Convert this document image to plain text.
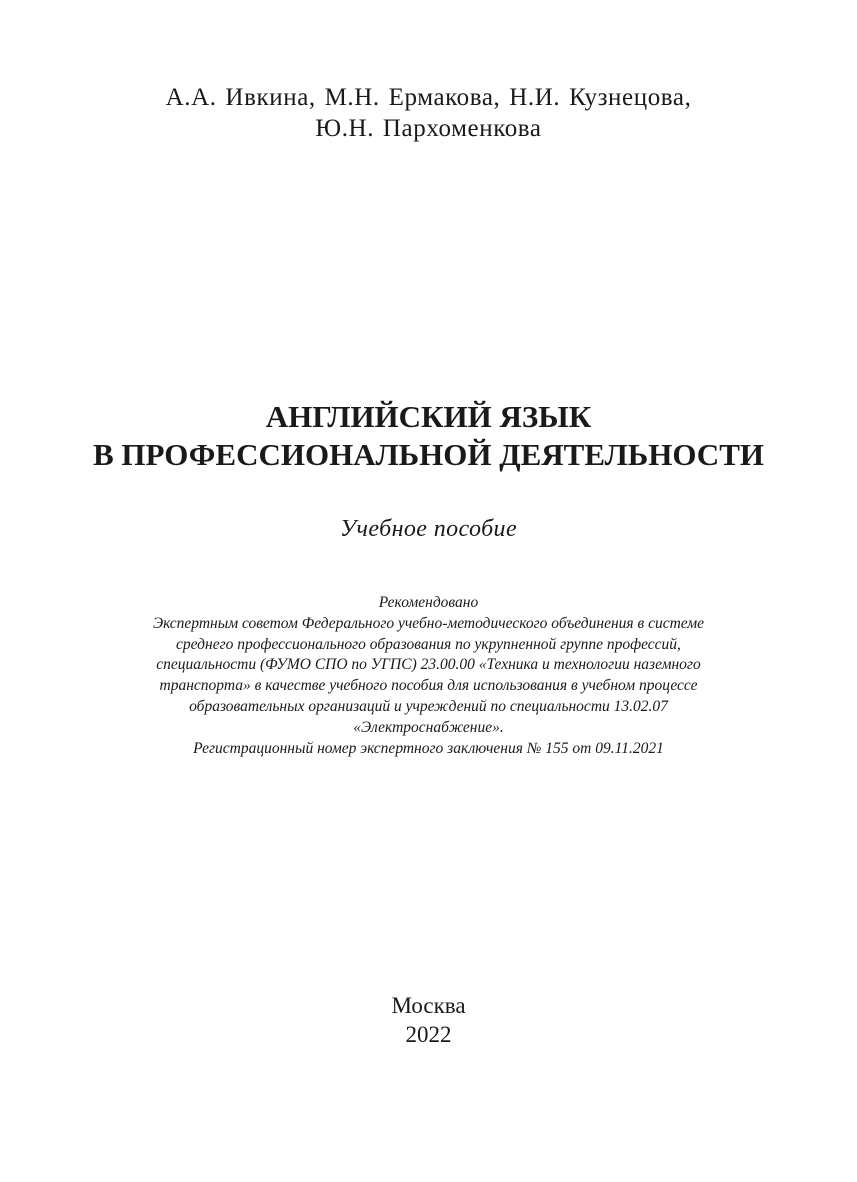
А.А. Ивкина, М.Н. Ермакова, Н.И. Кузнецова,
Ю.Н. Пархоменкова
АНГЛИЙСКИЙ ЯЗЫК
В ПРОФЕССИОНАЛЬНОЙ ДЕЯТЕЛЬНОСТИ
Учебное пособие
Рекомендовано
Экспертным советом Федерального учебно-методического объединения в системе
среднего профессионального образования по укрупненной группе профессий,
специальности (ФУМО СПО по УГПС) 23.00.00 «Техника и технологии наземного
транспорта» в качестве учебного пособия для использования в учебном процессе
образовательных организаций и учреждений по специальности 13.02.07
«Электроснабжение».
Регистрационный номер экспертного заключения № 155 от 09.11.2021
Москва
2022
